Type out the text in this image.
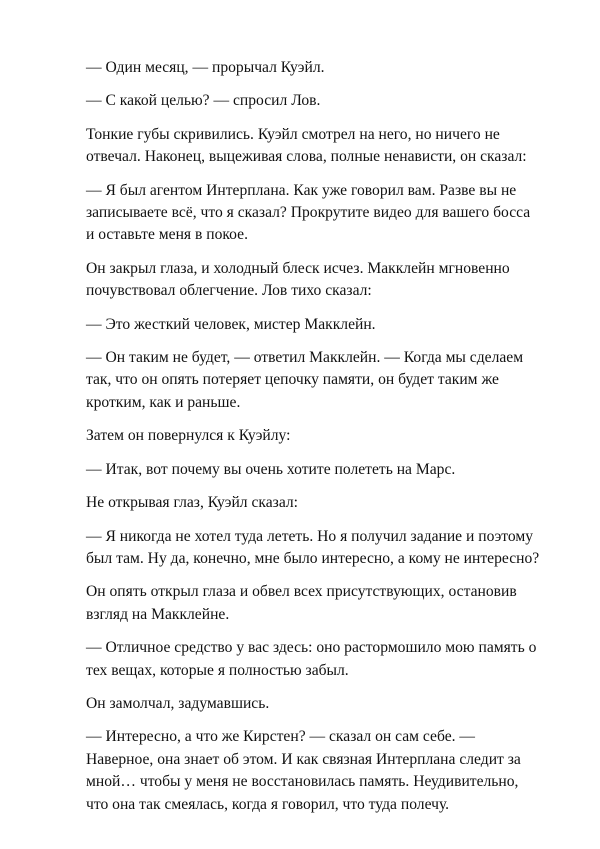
— Один месяц, — прорычал Куэйл.

— С какой целью? — спросил Лов.

Тонкие губы скривились. Куэйл смотрел на него, но ничего не
отвечал. Наконец, выцеживая слова, полные ненависти, он сказал:

— Я был агентом Интерплана. Как уже говорил вам. Разве вы не
записываете всё, что я сказал? Прокрутите видео для вашего босса
и оставьте меня в покое.

Он закрыл глаза, и холодный блеск исчез. Макклейн мгновенно
почувствовал облегчение. Лов тихо сказал:

— Это жесткий человек, мистер Макклейн.

— Он таким не будет, — ответил Макклейн. — Когда мы сделаем
так, что он опять потеряет цепочку памяти, он будет таким же
кротким, как и раньше.

Затем он повернулся к Куэйлу:

— Итак, вот почему вы очень хотите полететь на Марс.

Не открывая глаз, Куэйл сказал:

— Я никогда не хотел туда лететь. Но я получил задание и поэтому
был там. Ну да, конечно, мне было интересно, а кому не интересно?

Он опять открыл глаза и обвел всех присутствующих, остановив
взгляд на Макклейне.

— Отличное средство у вас здесь: оно растормошило мою память о
тех вещах, которые я полностью забыл.

Он замолчал, задумавшись.

— Интересно, а что же Кирстен? — сказал он сам себе. —
Наверное, она знает об этом. И как связная Интерплана следит за
мной… чтобы у меня не восстановилась память. Неудивительно,
что она так смеялась, когда я говорил, что туда полечу.
